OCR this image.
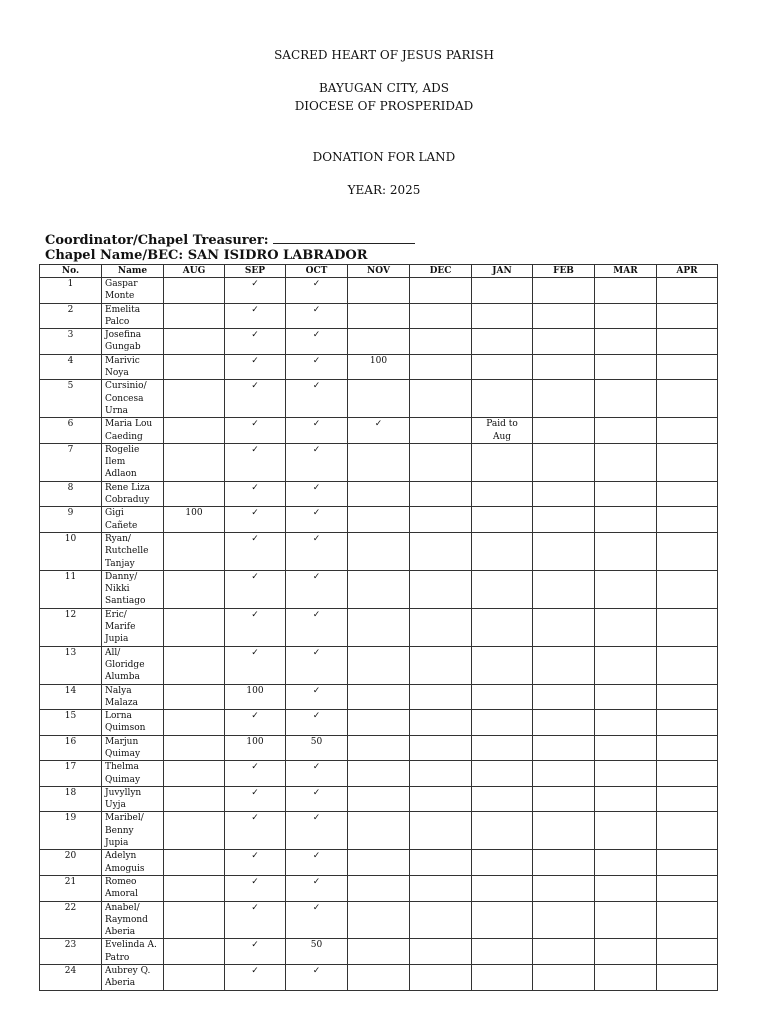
SACRED HEART OF JESUS PARISH
BAYUGAN CITY, ADS
DIOCESE OF PROSPERIDAD
DONATION FOR LAND
YEAR: 2025
Coordinator/Chapel Treasurer:Chapel Name/BEC: SAN ISIDRO LABRADOR
No.	Name	AUG	SEP	OCT	NOV	DEC	JAN	FEB	MAR	APR
1	Gaspar
Monte		✓	✓						
2	Emelita
Palco		✓	✓						
3	Josefina
Gungab		✓	✓						
4	Marivic
Noya		✓	✓	100					
5	Cursinio/
Concesa
Urna		✓	✓						
6	Maria Lou
Caeding		✓	✓	✓		Paid to
Aug			

7	Rogelie
Ilem
Adlaon		✓	✓						
8	Rene Liza
Cobraduy		✓	✓						
9	Gigi
Cañete	100	✓	✓						
10	Ryan/
Rutchelle
Tanjay		✓	✓						
11	Danny/
Nikki
Santiago		✓	✓						
12	Eric/
Marife
Jupia		✓	✓						
13	All/
Gloridge
Alumba		✓	✓						
14	Nalya
Malaza		100	✓						
15	Lorna
Quimson		✓	✓						
16	Marjun
Quimay		100	50						
17	Thelma
Quimay		✓	✓						
18	Juvyllyn
Uyja		✓	✓						
19	Maribel/
Benny
Jupia		✓	✓						
20	Adelyn
Amoguis		✓	✓						
21	Romeo
Amoral		✓	✓						
22	Anabel/
Raymond
Aberia		✓	✓						
23	Evelinda A.
Patro		✓	50						
24	Aubrey Q.
Aberia		✓	✓						
